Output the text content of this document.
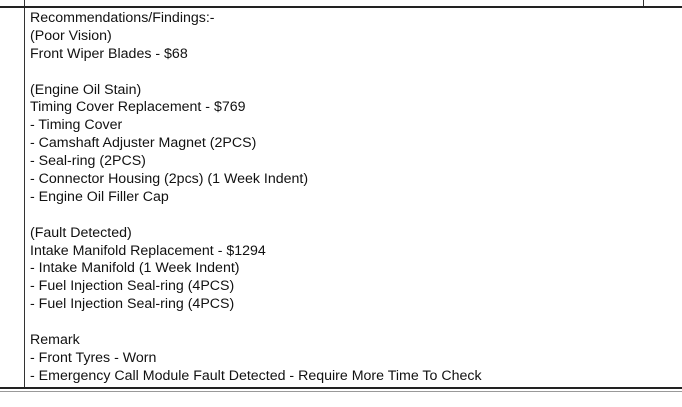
Recommendations/Findings:-
(Poor Vision)
Front Wiper Blades - $68
(Engine Oil Stain)
Timing Cover Replacement - $769
- Timing Cover
- Camshaft Adjuster Magnet (2PCS)
- Seal-ring (2PCS)
- Connector Housing (2pcs) (1 Week Indent)
- Engine Oil Filler Cap
(Fault Detected)
Intake Manifold Replacement - $1294
- Intake Manifold (1 Week Indent)
- Fuel Injection Seal-ring (4PCS)
- Fuel Injection Seal-ring (4PCS)
Remark
- Front Tyres - Worn
- Emergency Call Module Fault Detected - Require More Time To Check
